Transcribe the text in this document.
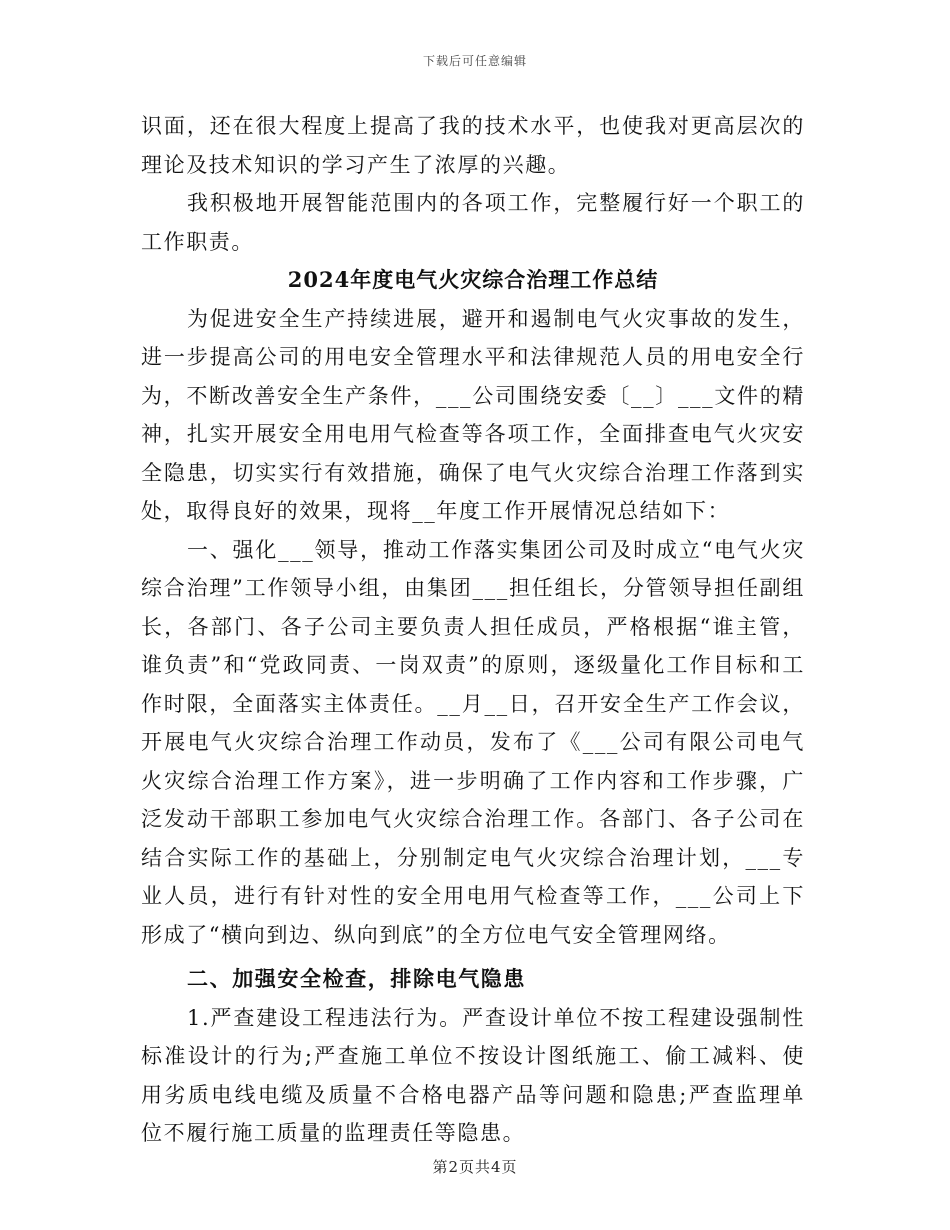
下载后可任意编辑

识面，还在很大程度上提高了我的技术水平，也使我对更高层次的理论及技术知识的学习产生了浓厚的兴趣。

我积极地开展智能范围内的各项工作，完整履行好一个职工的工作职责。

2024年度电气火灾综合治理工作总结

为促进安全生产持续进展，避开和遏制电气火灾事故的发生，进一步提高公司的用电安全管理水平和法律规范人员的用电安全行为，不断改善安全生产条件，___公司围绕安委〔__〕___文件的精神，扎实开展安全用电用气检查等各项工作，全面排查电气火灾安全隐患，切实实行有效措施，确保了电气火灾综合治理工作落到实处，取得良好的效果，现将__年度工作开展情况总结如下：

一、强化___领导，推动工作落实集团公司及时成立“电气火灾综合治理”工作领导小组，由集团___担任组长，分管领导担任副组长，各部门、各子公司主要负责人担任成员，严格根据“谁主管，谁负责”和“党政同责、一岗双责”的原则，逐级量化工作目标和工作时限，全面落实主体责任。__月__日，召开安全生产工作会议，开展电气火灾综合治理工作动员，发布了《___公司有限公司电气火灾综合治理工作方案》，进一步明确了工作内容和工作步骤，广泛发动干部职工参加电气火灾综合治理工作。各部门、各子公司在结合实际工作的基础上，分别制定电气火灾综合治理计划，___专业人员，进行有针对性的安全用电用气检查等工作，___公司上下形成了“横向到边、纵向到底”的全方位电气安全管理网络。

二、加强安全检查，排除电气隐患

1.严查建设工程违法行为。严查设计单位不按工程建设强制性标准设计的行为;严查施工单位不按设计图纸施工、偷工减料、使用劣质电线电缆及质量不合格电器产品等问题和隐患;严查监理单位不履行施工质量的监理责任等隐患。

第2页共4页
